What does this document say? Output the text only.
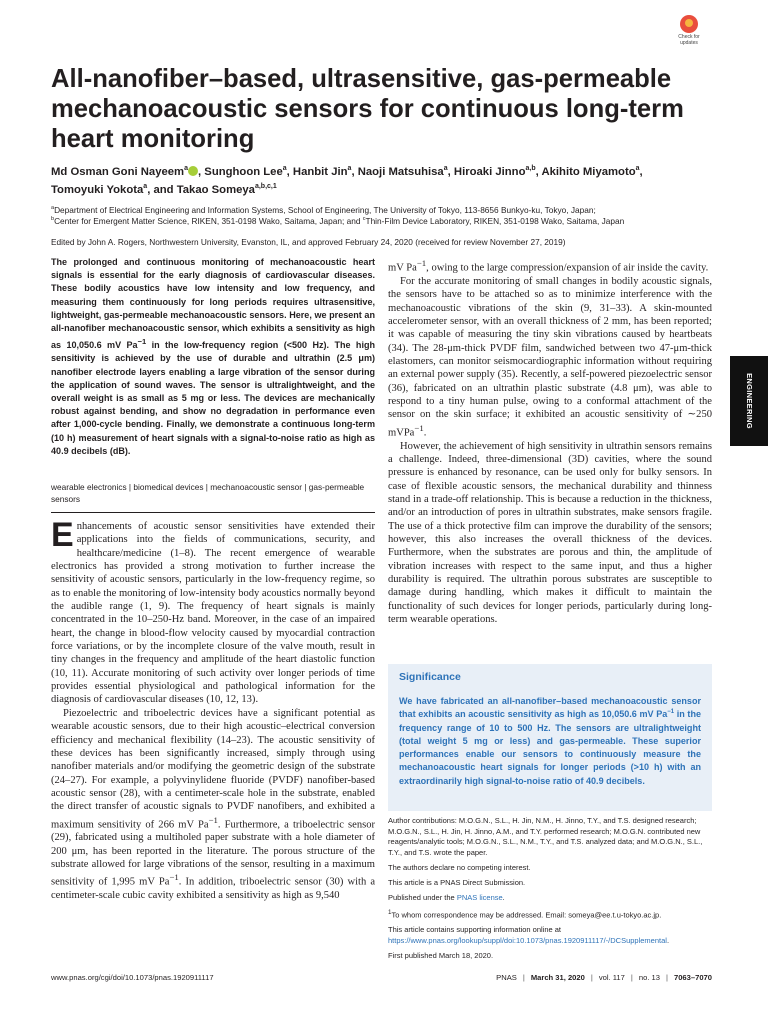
Check for
updates
All-nanofiber–based, ultrasensitive, gas-permeable mechanoacoustic sensors for continuous long-term heart monitoring
Md Osman Goni Nayeem$^a$ , Sunghoon Lee$^a$, Hanbit Jin$^a$, Naoji Matsuhisa$^a$, Hiroaki Jinno$^{a,b}$, Akihito Miyamoto$^a$,
Tomoyuki Yokota$^a$, and Takao Someya$^{a,b,c,1}$
$^a$Department of Electrical Engineering and Information Systems, School of Engineering, The University of Tokyo, 113-8656 Bunkyo-ku, Tokyo, Japan;
$^b$Center for Emergent Matter Science, RIKEN, 351-0198 Wako, Saitama, Japan; and $^c$Thin-Film Device Laboratory, RIKEN, 351-0198 Wako, Saitama, Japan
Edited by John A. Rogers, Northwestern University, Evanston, IL, and approved February 24, 2020 (received for review November 27, 2019)
The prolonged and continuous monitoring of mechanoacoustic heart signals is essential for the early diagnosis of cardiovascular diseases. These bodily acoustics have low intensity and low frequency, and measuring them continuously for long periods requires ultrasensitive, lightweight, gas-permeable mechanoacoustic sensors. Here, we present an all-nanofiber mechanoacoustic sensor, which exhibits a sensitivity as high as 10,050.6 mV $Pa^{-1}$ in the low-frequency region (<500 Hz). The high sensitivity is achieved by the use of durable and ultrathin (2.5 μm) nanofiber electrode layers enabling a large vibration of the sensor during the application of sound waves. The sensor is ultralightweight, and the overall weight is as small as 5 mg or less. The devices are mechanically robust against bending, and show no degradation in performance even after 1,000-cycle bending. Finally, we demonstrate a continuous long-term (10 h) measurement of heart signals with a signal-to-noise ratio as high as 40.9 decibels (dB).
wearable electronics | biomedical devices | mechanoacoustic sensor | gas-permeable sensors

Enhancements of acoustic sensor sensitivities have extended their applications into the fields of communications, security, and healthcare/medicine (1–8). The recent emergence of wearable electronics has provided a strong motivation to further increase the sensitivity of acoustic sensors, particularly in the low-frequency regime, so as to enable the monitoring of low-intensity body acoustics normally beyond the audible range (1, 9). The frequency of heart signals is mainly concentrated in the 10–250-Hz band. Moreover, in the case of an impaired heart, the change in blood-flow velocity caused by myocardial contraction force variations, or by the incomplete closure of the valve mouth, result in tiny changes in the frequency and amplitude of the heart diastolic function (10, 11). Accurate monitoring of such activity over longer periods of time provides essential physiological and pathological information for the diagnosis of cardiovascular diseases (10, 12, 13).

Piezoelectric and triboelectric devices have a significant potential as wearable acoustic sensors, due to their high acoustic–electrical conversion efficiency and mechanical flexibility (14–23). The acoustic sensitivity of these devices has been significantly increased, simply through using nanofiber materials and/or modifying the geometric design of the substrate (24–27). For example, a polyvinylidene fluoride (PVDF) nanofiber-based acoustic sensor (28), with a centimeter-scale hole in the substrate, enabled the direct transfer of acoustic signals to PVDF nanofibers, and exhibited a maximum sensitivity of 266 mV $Pa^{-1}$. Furthermore, a triboelectric sensor (29), fabricated using a multiholed paper substrate with a hole diameter of 200 μm, has been reported in the literature. The porous structure of the substrate allowed for large vibrations of the sensor, resulting in a maximum sensitivity of 1,995 mV $Pa^{-1}$. In addition, triboelectric sensor (30) with a centimeter-scale cubic cavity exhibited a sensitivity as high as 9,540

mV $Pa^{-1}$, owing to the large compression/expansion of air inside the cavity.

For the accurate monitoring of small changes in bodily acoustic signals, the sensors have to be attached so as to minimize interference with the mechanoacoustic vibrations of the skin (9, 31–33). A skin-mounted accelerometer sensor, with an overall thickness of 2 mm, has been reported; it was capable of measuring the tiny skin vibrations caused by heartbeats (34). The 28-μm-thick PVDF film, sandwiched between two 47-μm-thick elastomers, can monitor seismocardiographic information without requiring an external power supply (35). Recently, a self-powered piezoelectric sensor (36), fabricated on an ultrathin plastic substrate (4.8 μm), was able to respond to a tiny human pulse, owing to a conformal attachment of the sensor on the skin surface; it exhibited an acoustic sensitivity of ∼250 mVPa$^{-1}$.

However, the achievement of high sensitivity in ultrathin sensors remains a challenge. Indeed, three-dimensional (3D) cavities, where the sound pressure is enhanced by resonance, can be used only for bulky sensors. In case of flexible acoustic sensors, the mechanical durability and thinness stand in a trade-off relationship. This is because a reduction in the thickness, and/or an introduction of pores in ultrathin substrates, make sensors fragile. The use of a thick protective film can improve the durability of the sensors; however, this also increases the overall thickness of the devices. Furthermore, when the substrates are porous and thin, the amplitude of vibration increases with respect to the same input, and thus a higher durability is required. The ultrathin porous substrates are susceptible to damage during handling, which makes it difficult to maintain the functionality of such devices for longer periods, particularly during long-term wearable operations.

ENGINEERING
Significance
We have fabricated an all-nanofiber–based mechanoacoustic sensor that exhibits an acoustic sensitivity as high as 10,050.6 mV $Pa^{-1}$ in the frequency range of 10 to 500 Hz. The sensors are ultralightweight (total weight 5 mg or less) and gas-permeable. These superior performances enable our sensors to continuously measure the mechanoacoustic heart signals for longer periods (>10 h) with an extraordinarily high signal-to-noise ratio of 40.9 decibels.

Author contributions: M.O.G.N., S.L., H. Jin, N.M., H. Jinno, T.Y., and T.S. designed research; M.O.G.N., S.L., H. Jin, H. Jinno, A.M., and T.Y. performed research; M.O.G.N. contributed new reagents/analytic tools; M.O.G.N., S.L., N.M., T.Y., and T.S. analyzed data; and M.O.G.N., S.L., T.Y., and T.S. wrote the paper.

The authors declare no competing interest.

This article is a PNAS Direct Submission.

Published under the PNAS license.

$^1$To whom correspondence may be addressed. Email: someya@ee.t.u-tokyo.ac.jp.

This article contains supporting information online at https://www.pnas.org/lookup/suppl/doi:10.1073/pnas.1920911117/-/DCSupplemental.

First published March 18, 2020.

www.pnas.org/cgi/doi/10.1073/pnas.1920911117	PNAS | March 31, 2020 | vol. 117 | no. 13 | 7063–7070
